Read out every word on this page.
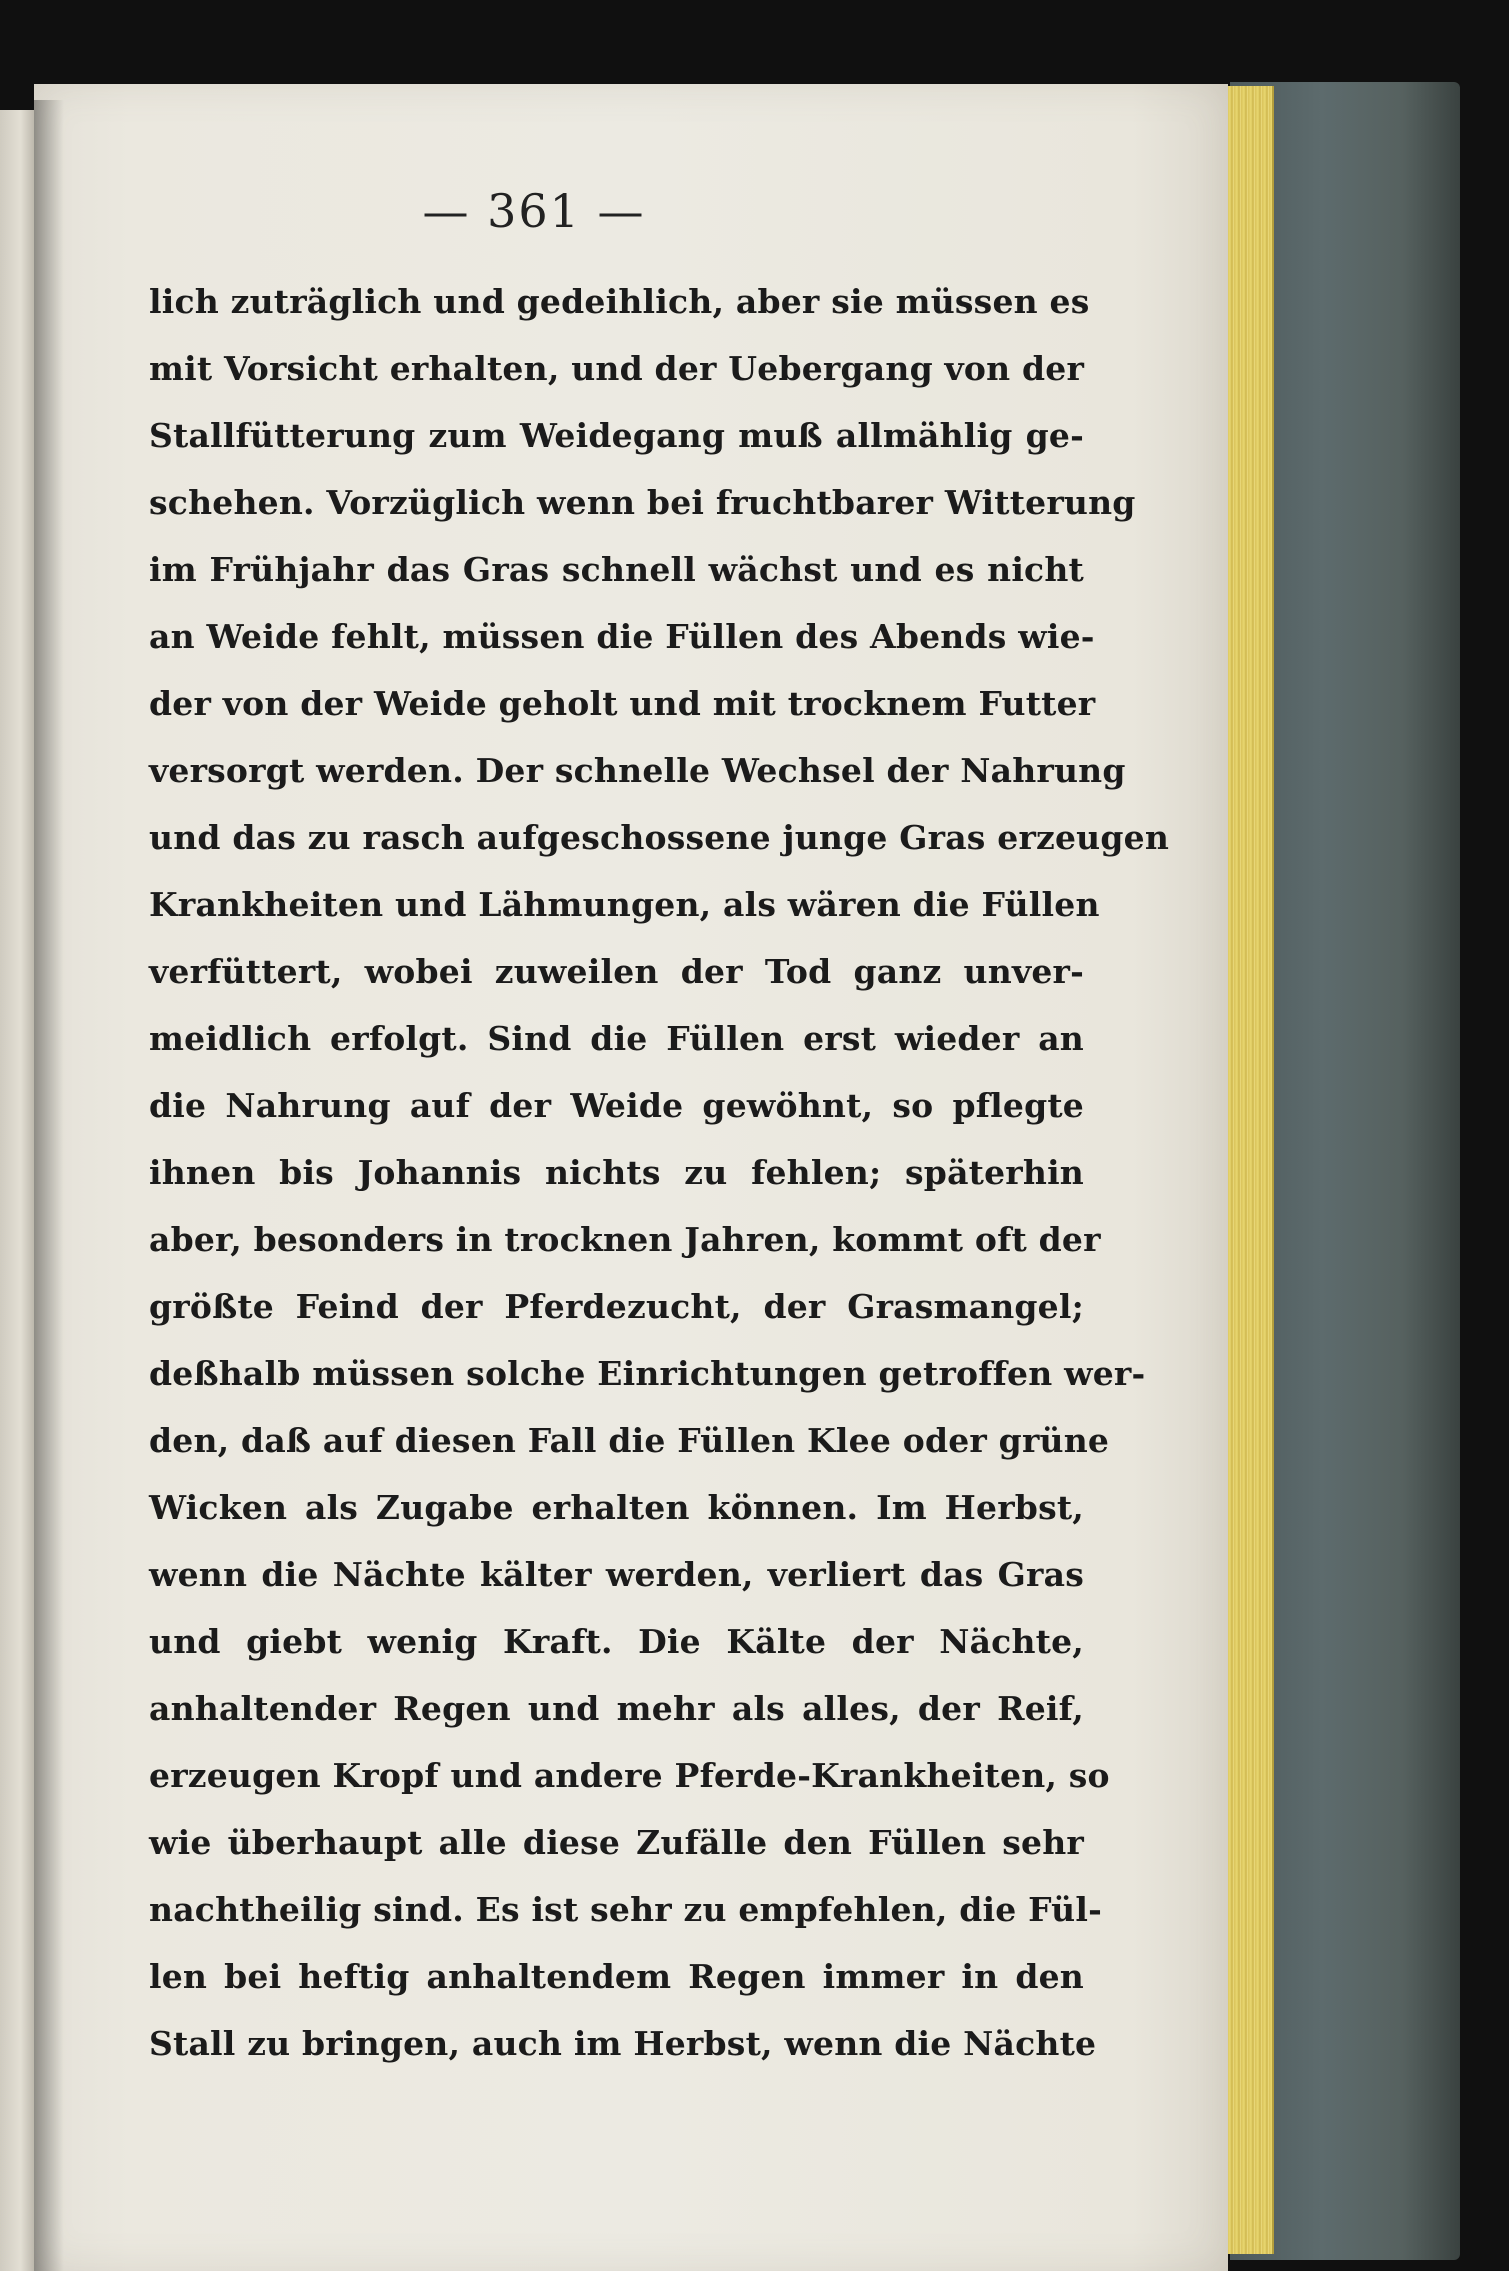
— 361 —
lich zuträglich und gedeihlich, aber sie müssen es
mit Vorsicht erhalten, und der Uebergang von der
Stallfütterung zum Weidegang muß allmählig ge-
schehen. Vorzüglich wenn bei fruchtbarer Witterung
im Frühjahr das Gras schnell wächst und es nicht
an Weide fehlt, müssen die Füllen des Abends wie-
der von der Weide geholt und mit trocknem Futter
versorgt werden. Der schnelle Wechsel der Nahrung
und das zu rasch aufgeschossene junge Gras erzeugen
Krankheiten und Lähmungen, als wären die Füllen
verfüttert, wobei zuweilen der Tod ganz unver-
meidlich erfolgt. Sind die Füllen erst wieder an
die Nahrung auf der Weide gewöhnt, so pflegte
ihnen bis Johannis nichts zu fehlen; späterhin
aber, besonders in trocknen Jahren, kommt oft der
größte Feind der Pferdezucht, der Grasmangel;
deßhalb müssen solche Einrichtungen getroffen wer-
den, daß auf diesen Fall die Füllen Klee oder grüne
Wicken als Zugabe erhalten können. Im Herbst,
wenn die Nächte kälter werden, verliert das Gras
und giebt wenig Kraft. Die Kälte der Nächte,
anhaltender Regen und mehr als alles, der Reif,
erzeugen Kropf und andere Pferde-Krankheiten, so
wie überhaupt alle diese Zufälle den Füllen sehr
nachtheilig sind. Es ist sehr zu empfehlen, die Fül-
len bei heftig anhaltendem Regen immer in den
Stall zu bringen, auch im Herbst, wenn die Nächte
